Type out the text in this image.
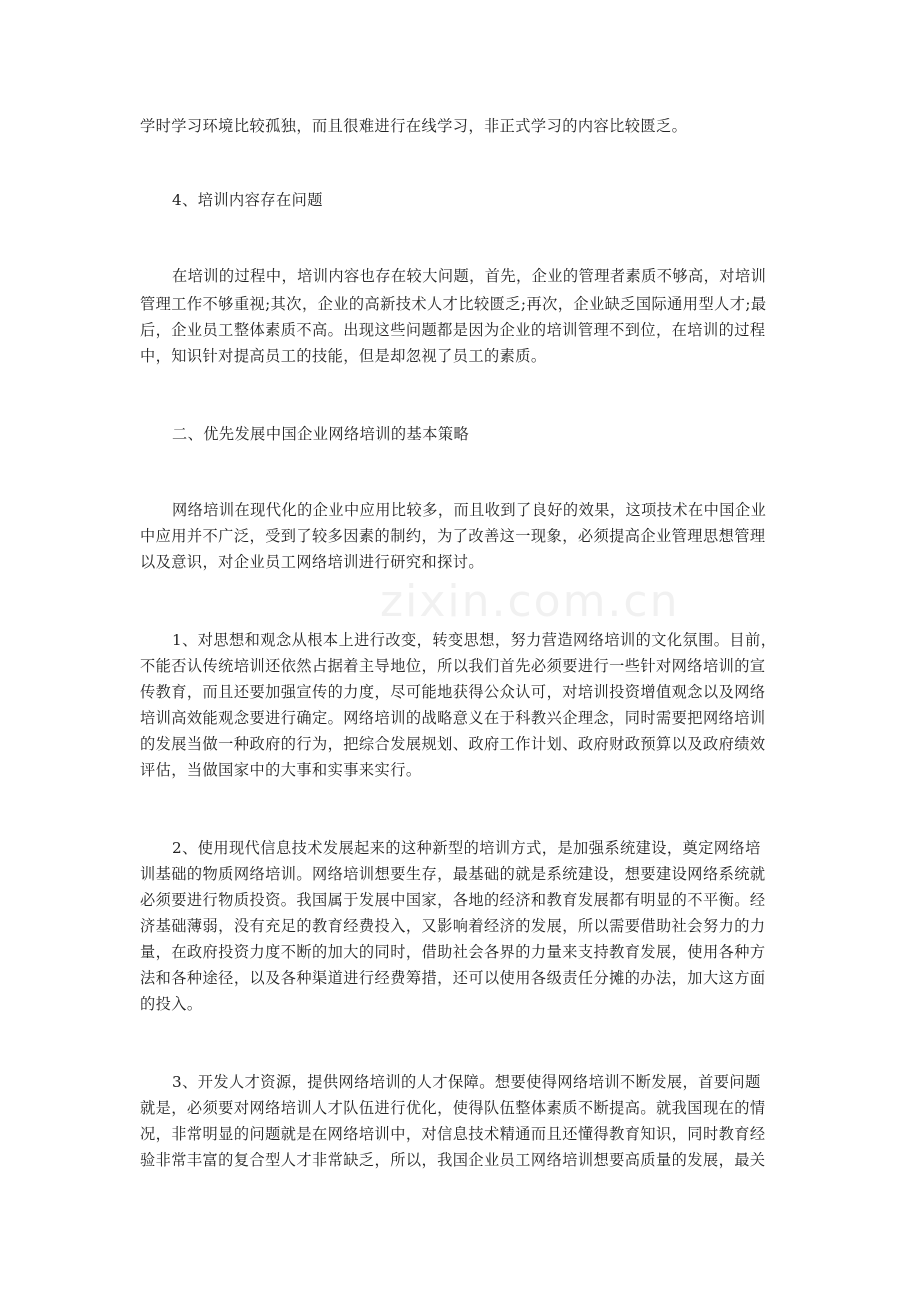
zixin.com.cn
学时学习环境比较孤独，而且很难进行在线学习，非正式学习的内容比较匮乏。
4、培训内容存在问题
在培训的过程中，培训内容也存在较大问题，首先，企业的管理者素质不够高，对培训
管理工作不够重视;其次，企业的高新技术人才比较匮乏;再次，企业缺乏国际通用型人才;最
后，企业员工整体素质不高。出现这些问题都是因为企业的培训管理不到位，在培训的过程
中，知识针对提高员工的技能，但是却忽视了员工的素质。
二、优先发展中国企业网络培训的基本策略
网络培训在现代化的企业中应用比较多，而且收到了良好的效果，这项技术在中国企业
中应用并不广泛，受到了较多因素的制约，为了改善这一现象，必须提高企业管理思想管理
以及意识，对企业员工网络培训进行研究和探讨。
1、对思想和观念从根本上进行改变，转变思想，努力营造网络培训的文化氛围。目前，
不能否认传统培训还依然占据着主导地位，所以我们首先必须要进行一些针对网络培训的宣
传教育，而且还要加强宣传的力度，尽可能地获得公众认可，对培训投资增值观念以及网络
培训高效能观念要进行确定。网络培训的战略意义在于科教兴企理念，同时需要把网络培训
的发展当做一种政府的行为，把综合发展规划、政府工作计划、政府财政预算以及政府绩效
评估，当做国家中的大事和实事来实行。
2、使用现代信息技术发展起来的这种新型的培训方式，是加强系统建设，奠定网络培
训基础的物质网络培训。网络培训想要生存，最基础的就是系统建设，想要建设网络系统就
必须要进行物质投资。我国属于发展中国家，各地的经济和教育发展都有明显的不平衡。经
济基础薄弱，没有充足的教育经费投入，又影响着经济的发展，所以需要借助社会努力的力
量，在政府投资力度不断的加大的同时，借助社会各界的力量来支持教育发展，使用各种方
法和各种途径，以及各种渠道进行经费筹措，还可以使用各级责任分摊的办法，加大这方面
的投入。
3、开发人才资源，提供网络培训的人才保障。想要使得网络培训不断发展，首要问题
就是，必须要对网络培训人才队伍进行优化，使得队伍整体素质不断提高。就我国现在的情
况，非常明显的问题就是在网络培训中，对信息技术精通而且还懂得教育知识，同时教育经
验非常丰富的复合型人才非常缺乏，所以，我国企业员工网络培训想要高质量的发展，最关
